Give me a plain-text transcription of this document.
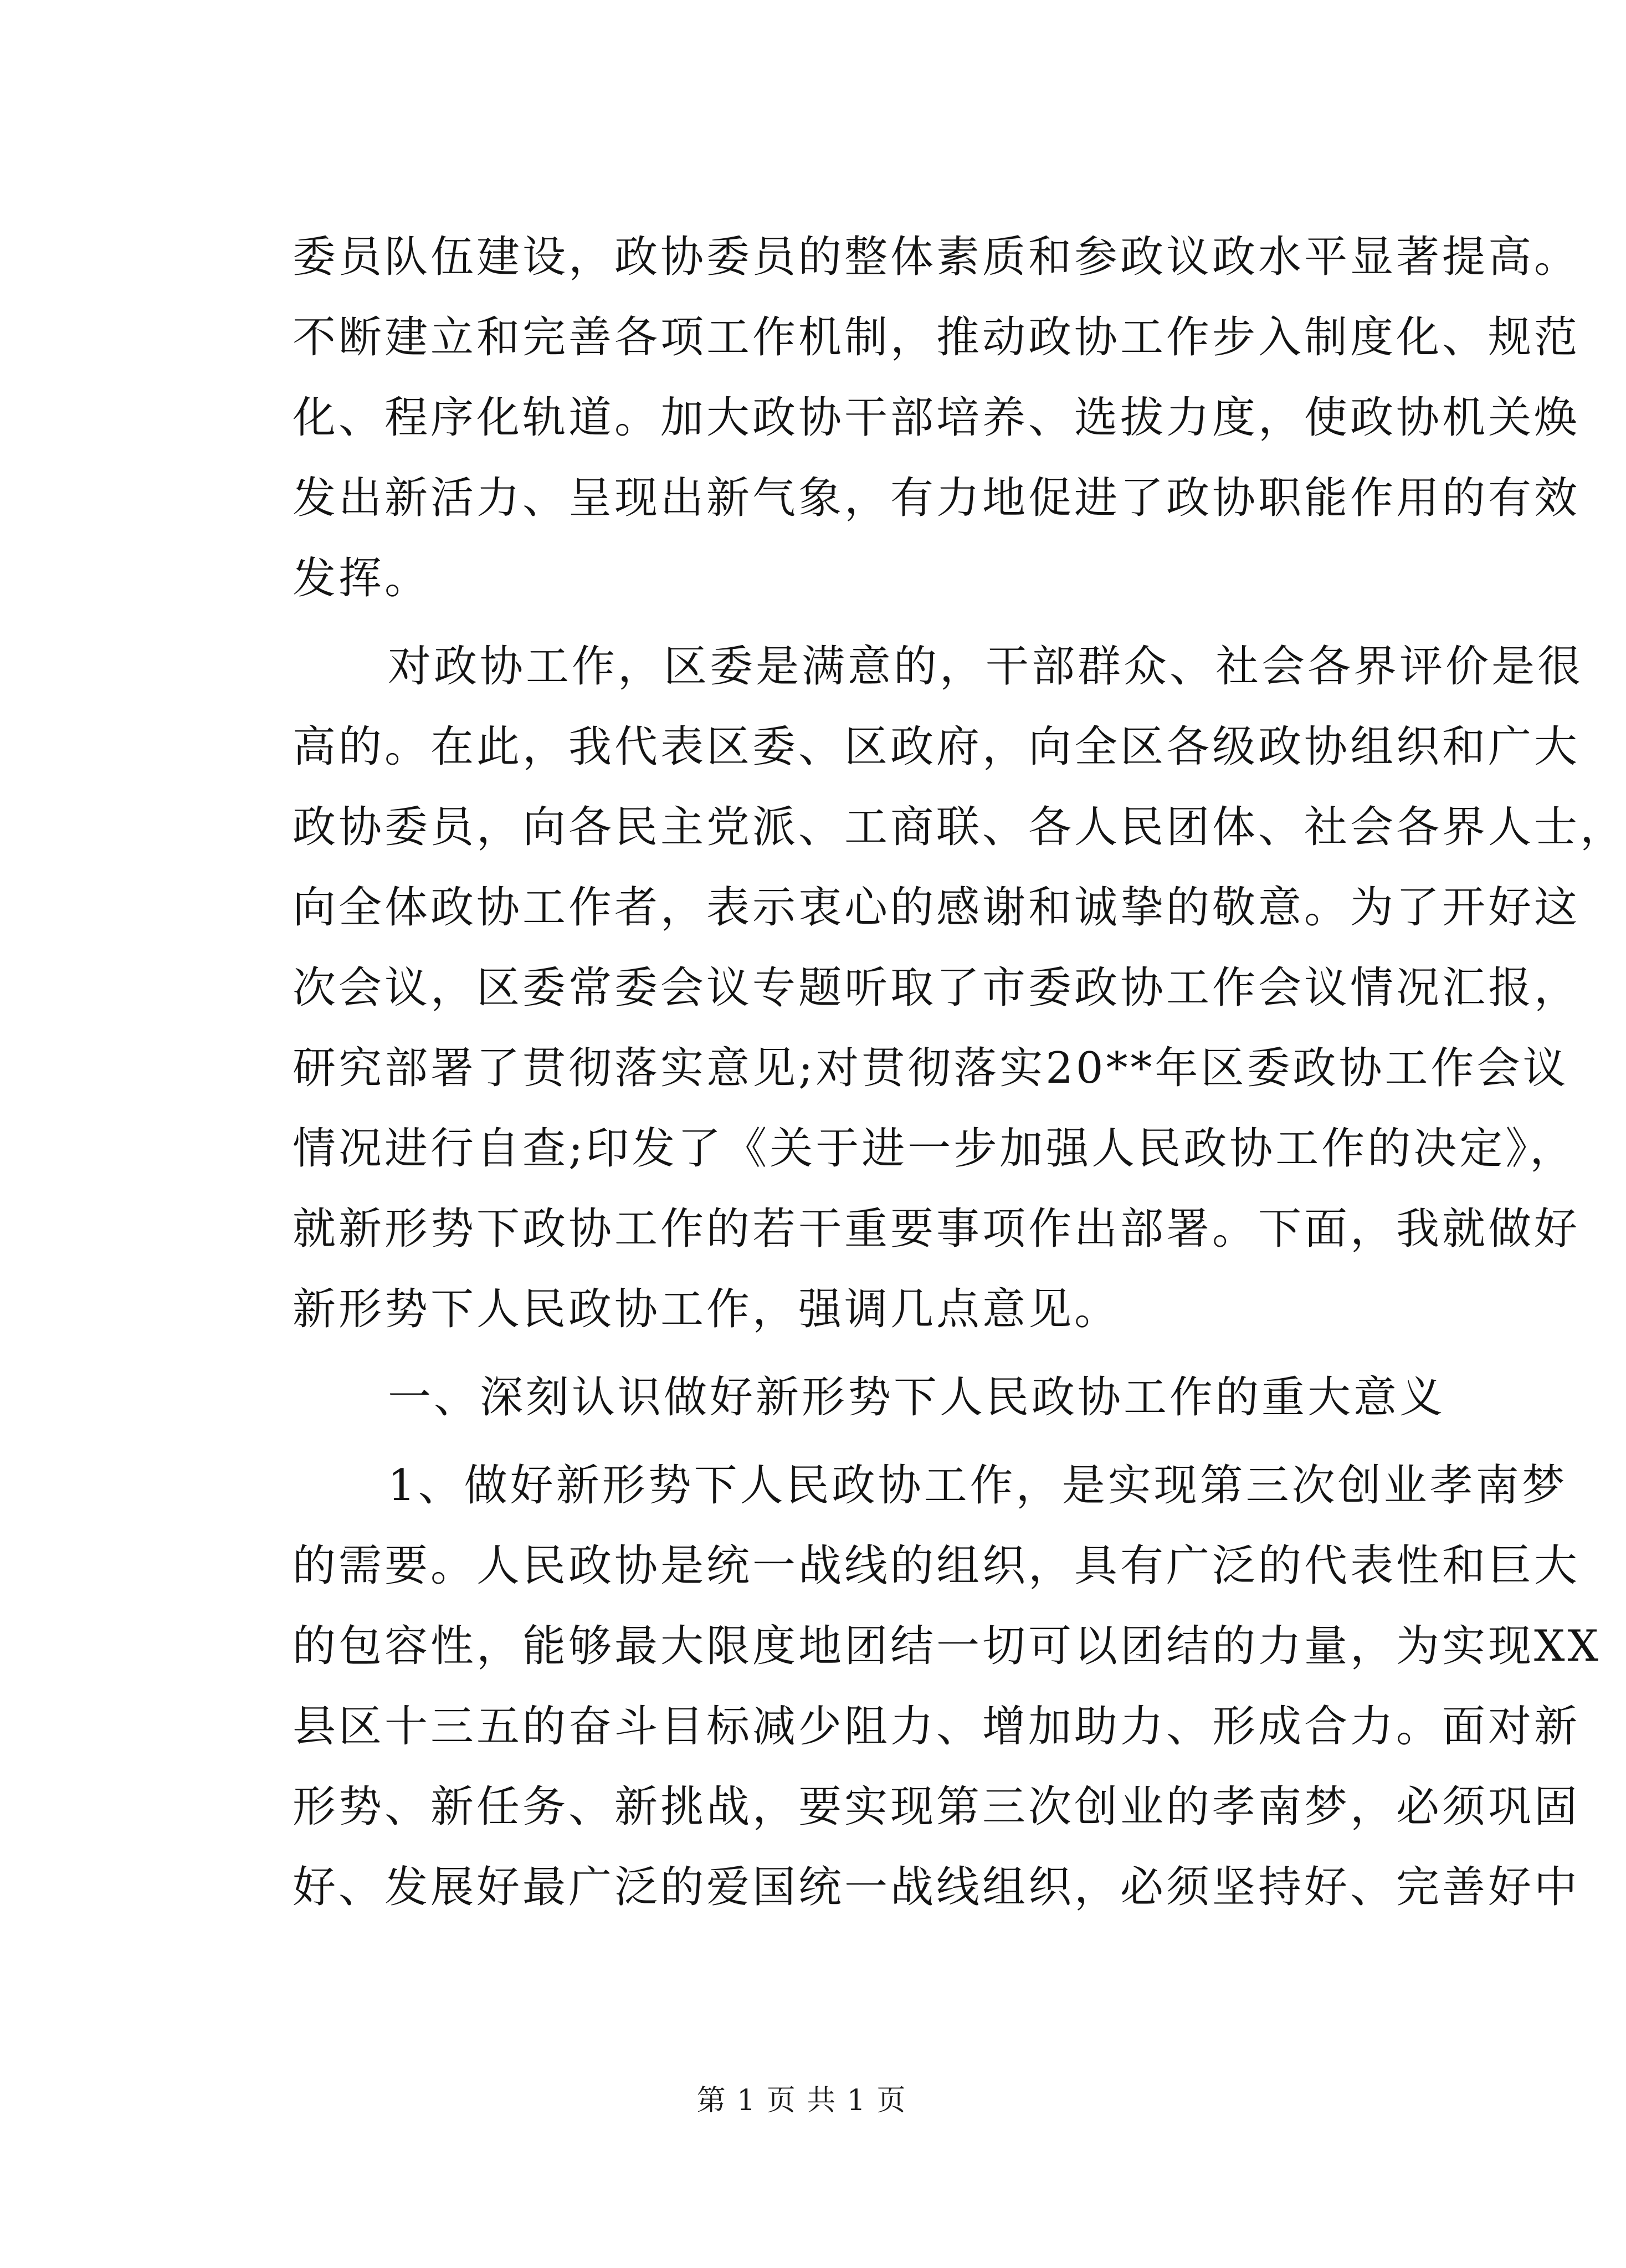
委员队伍建设，政协委员的整体素质和参政议政水平显著提高。
不断建立和完善各项工作机制，推动政协工作步入制度化、规范
化、程序化轨道。加大政协干部培养、选拔力度，使政协机关焕
发出新活力、呈现出新气象，有力地促进了政协职能作用的有效
发挥。
对政协工作，区委是满意的，干部群众、社会各界评价是很
高的。在此，我代表区委、区政府，向全区各级政协组织和广大
政协委员，向各民主党派、工商联、各人民团体、社会各界人士，
向全体政协工作者，表示衷心的感谢和诚挚的敬意。为了开好这
次会议，区委常委会议专题听取了市委政协工作会议情况汇报，
研究部署了贯彻落实意见;对贯彻落实20**年区委政协工作会议
情况进行自查;印发了《关于进一步加强人民政协工作的决定》，
就新形势下政协工作的若干重要事项作出部署。下面，我就做好
新形势下人民政协工作，强调几点意见。
一、深刻认识做好新形势下人民政协工作的重大意义
1、做好新形势下人民政协工作，是实现第三次创业孝南梦
的需要。人民政协是统一战线的组织，具有广泛的代表性和巨大
的包容性，能够最大限度地团结一切可以团结的力量，为实现XX
县区十三五的奋斗目标减少阻力、增加助力、形成合力。面对新
形势、新任务、新挑战，要实现第三次创业的孝南梦，必须巩固
好、发展好最广泛的爱国统一战线组织，必须坚持好、完善好中
第 1 页 共 1 页
